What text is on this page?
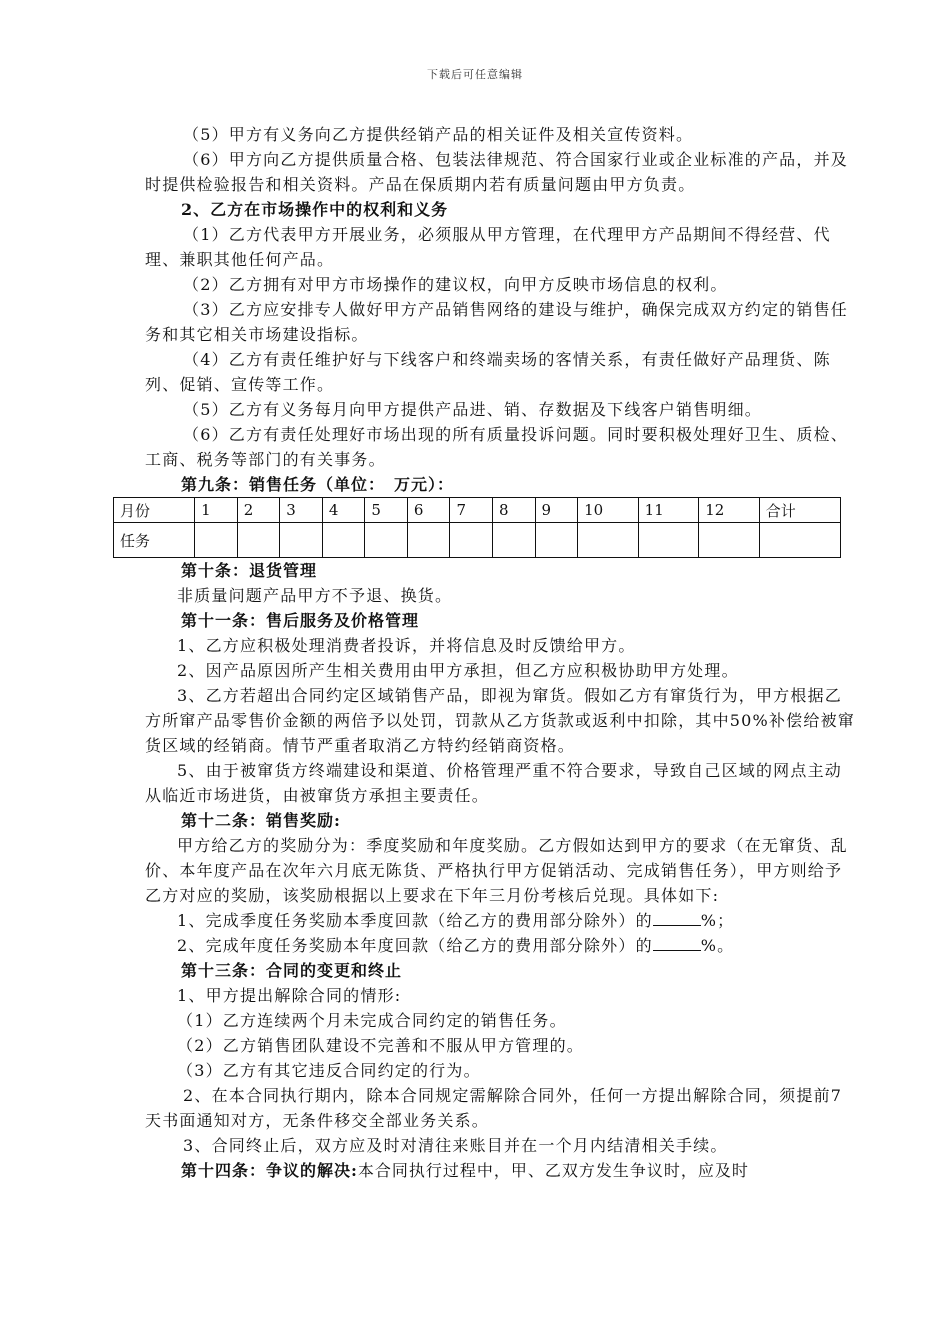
下载后可任意编辑

（5）甲方有义务向乙方提供经销产品的相关证件及相关宣传资料。

（6）甲方向乙方提供质量合格、包装法律规范、符合国家行业或企业标准的产品，并及时提供检验报告和相关资料。产品在保质期内若有质量问题由甲方负责。

2、乙方在市场操作中的权利和义务

（1）乙方代表甲方开展业务，必须服从甲方管理，在代理甲方产品期间不得经营、代理、兼职其他任何产品。

（2）乙方拥有对甲方市场操作的建议权，向甲方反映市场信息的权利。

（3）乙方应安排专人做好甲方产品销售网络的建设与维护，确保完成双方约定的销售任务和其它相关市场建设指标。

（4）乙方有责任维护好与下线客户和终端卖场的客情关系，有责任做好产品理货、陈列、促销、宣传等工作。

（5）乙方有义务每月向甲方提供产品进、销、存数据及下线客户销售明细。

（6）乙方有责任处理好市场出现的所有质量投诉问题。同时要积极处理好卫生、质检、工商、税务等部门的有关事务。

第九条：销售任务（单位：　万元）：

月份	1	2	3	4	5	6	7	8	9	10	11	12	合计
任务													

第十条：退货管理

非质量问题产品甲方不予退、换货。

第十一条：售后服务及价格管理

1、乙方应积极处理消费者投诉，并将信息及时反馈给甲方。

2、因产品原因所产生相关费用由甲方承担，但乙方应积极协助甲方处理。

3、乙方若超出合同约定区域销售产品，即视为窜货。假如乙方有窜货行为，甲方根据乙方所窜产品零售价金额的两倍予以处罚，罚款从乙方货款或返利中扣除，其中50%补偿给被窜货区域的经销商。情节严重者取消乙方特约经销商资格。

5、由于被窜货方终端建设和渠道、价格管理严重不符合要求，导致自己区域的网点主动从临近市场进货，由被窜货方承担主要责任。

第十二条：销售奖励:

甲方给乙方的奖励分为：季度奖励和年度奖励。乙方假如达到甲方的要求（在无窜货、乱价、本年度产品在次年六月底无陈货、严格执行甲方促销活动、完成销售任务），甲方则给予乙方对应的奖励，该奖励根据以上要求在下年三月份考核后兑现。具体如下:

1、完成季度任务奖励本季度回款（给乙方的费用部分除外）的	%；

2、完成年度任务奖励本年度回款（给乙方的费用部分除外）的	%。

第十三条：合同的变更和终止

1、甲方提出解除合同的情形:

（1）乙方连续两个月未完成合同约定的销售任务。

（2）乙方销售团队建设不完善和不服从甲方管理的。

（3）乙方有其它违反合同约定的行为。

2、在本合同执行期内，除本合同规定需解除合同外，任何一方提出解除合同，须提前7天书面通知对方，无条件移交全部业务关系。

3、合同终止后，双方应及时对清往来账目并在一个月内结清相关手续。

第十四条：争议的解决:本合同执行过程中，甲、乙双方发生争议时，应及时
